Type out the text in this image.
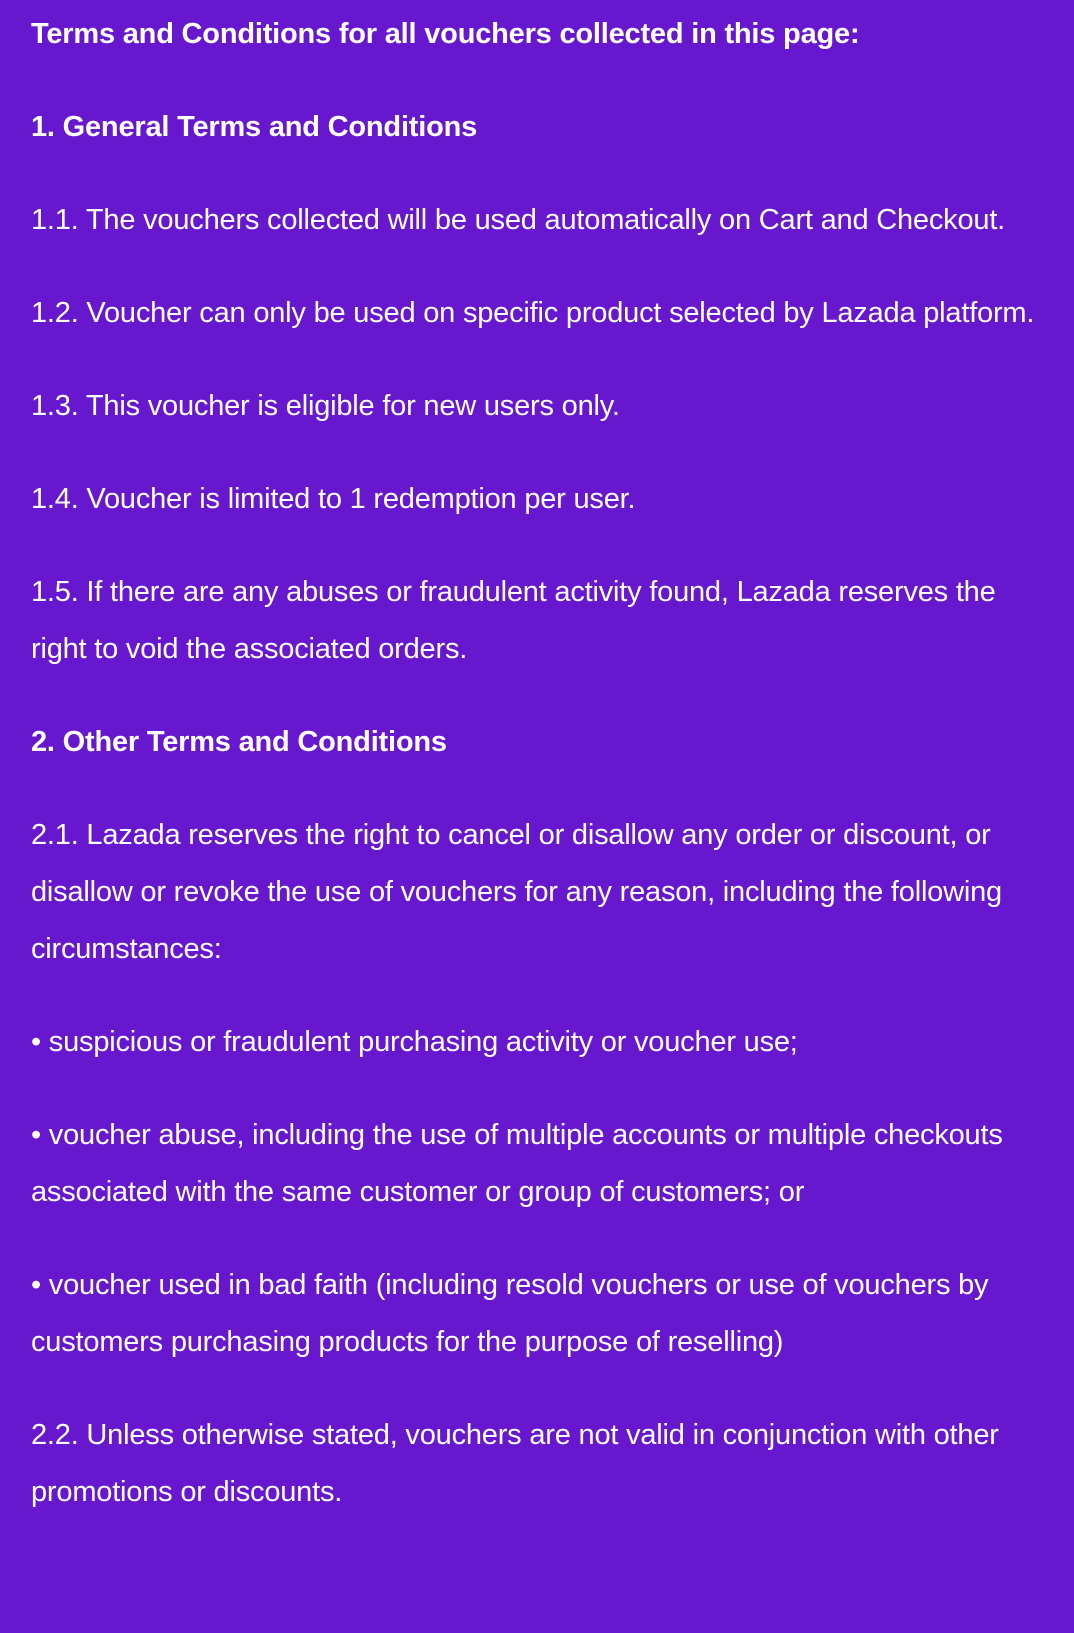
Terms and Conditions for all vouchers collected in this page:

1. General Terms and Conditions

1.1. The vouchers collected will be used automatically on Cart and Checkout.

1.2. Voucher can only be used on specific product selected by Lazada platform.

1.3. This voucher is eligible for new users only.

1.4. Voucher is limited to 1 redemption per user.

1.5. If there are any abuses or fraudulent activity found, Lazada reserves the right to void the associated orders.

2. Other Terms and Conditions

2.1. Lazada reserves the right to cancel or disallow any order or discount, or disallow or revoke the use of vouchers for any reason, including the following circumstances:

• suspicious or fraudulent purchasing activity or voucher use;

• voucher abuse, including the use of multiple accounts or multiple checkouts associated with the same customer or group of customers; or

• voucher used in bad faith (including resold vouchers or use of vouchers by customers purchasing products for the purpose of reselling)

2.2. Unless otherwise stated, vouchers are not valid in conjunction with other promotions or discounts.
